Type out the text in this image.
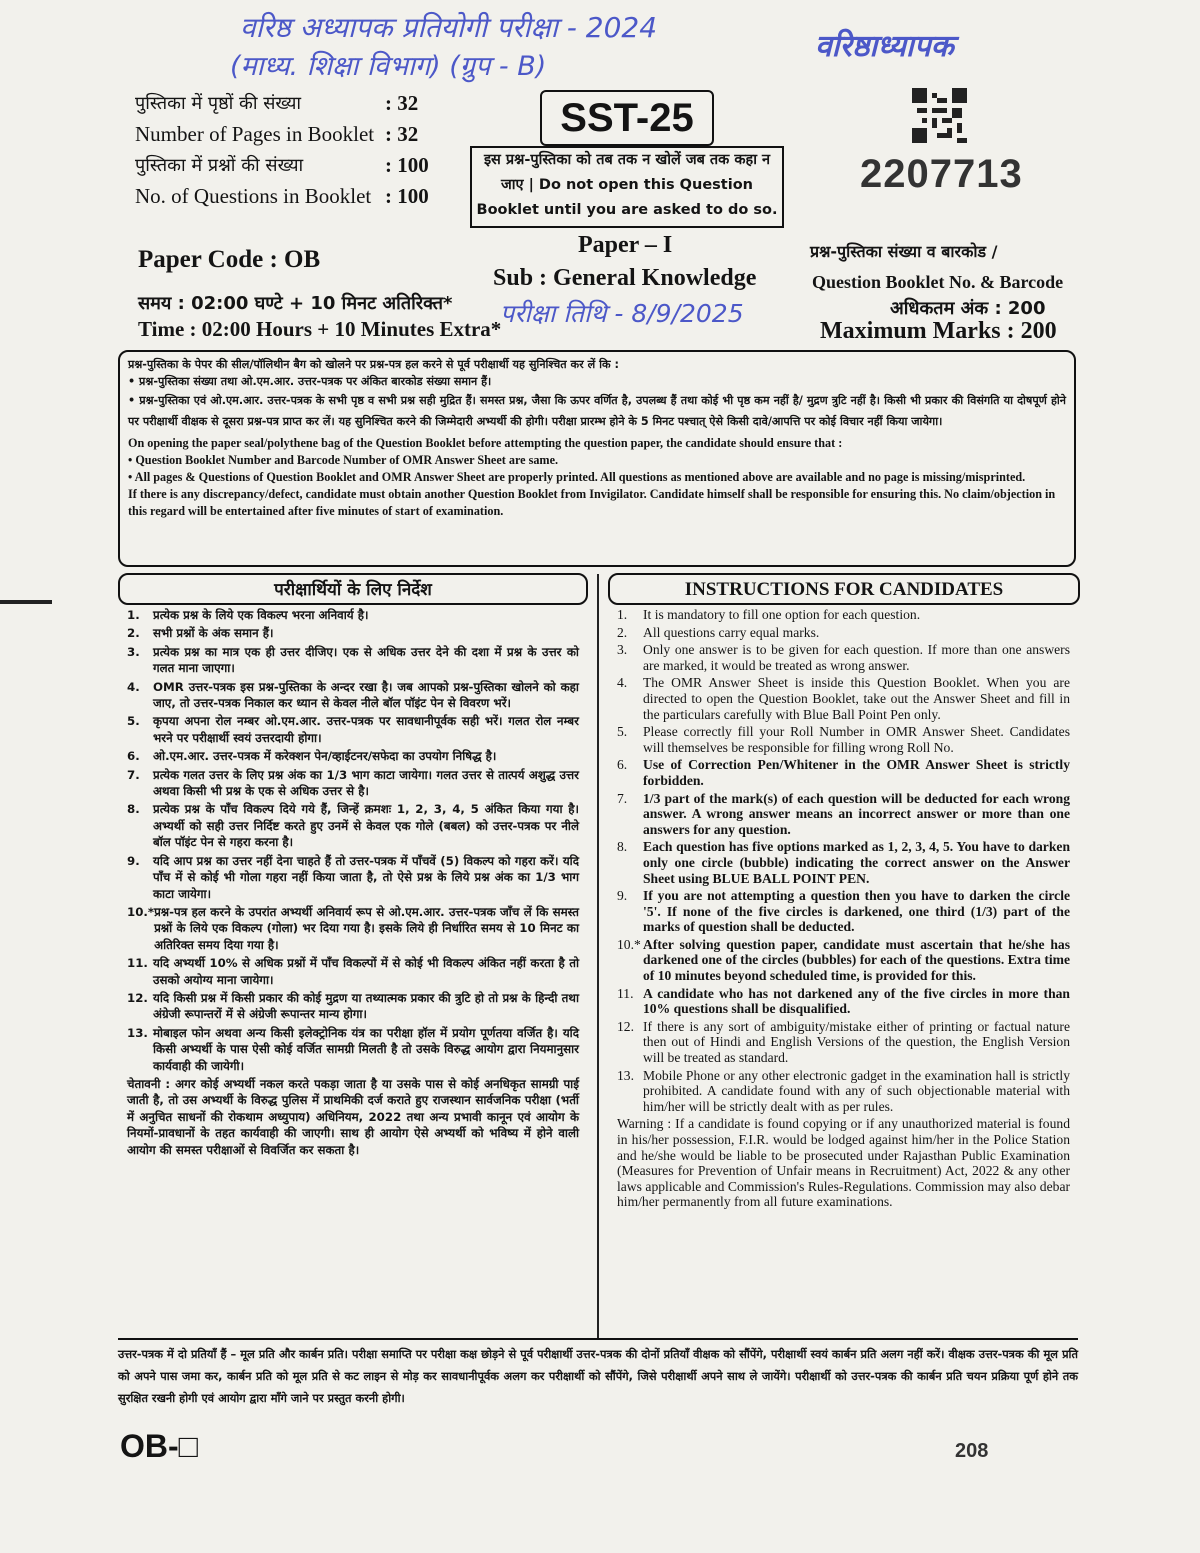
वरिष्ठ अध्यापक प्रतियोगी परीक्षा - 2024
(माध्य. शिक्षा विभाग) (ग्रुप - B)
वरिष्ठाध्यापक
परीक्षा तिथि - 8/9/2025
पुस्तिका में पृष्ठों की संख्या	: 32
Number of Pages in Booklet : 32
पुस्तिका में प्रश्नों की संख्या	: 100
No. of Questions in Booklet : 100
SST-25
इस प्रश्न-पुस्तिका को तब तक न खोलें जब तक कहा न जाए | Do not open this Question Booklet until you are asked to do so.
2207713
Paper Code : OB
समय : 02:00 घण्टे + 10 मिनट अतिरिक्त*
Time : 02:00 Hours + 10 Minutes Extra*
Paper – I
Sub : General Knowledge
प्रश्न-पुस्तिका संख्या व बारकोड /
Question Booklet No. & Barcode
अधिकतम अंक : 200
Maximum Marks : 200
प्रश्न-पुस्तिका के पेपर की सील/पॉलिथीन बैग को खोलने पर प्रश्न-पत्र हल करने से पूर्व परीक्षार्थी यह सुनिश्चित कर लें कि :
• प्रश्न-पुस्तिका संख्या तथा ओ.एम.आर. उत्तर-पत्रक पर अंकित बारकोड संख्या समान हैं।
• प्रश्न-पुस्तिका एवं ओ.एम.आर. उत्तर-पत्रक के सभी पृष्ठ व सभी प्रश्न सही मुद्रित हैं। समस्त प्रश्न, जैसा कि ऊपर वर्णित है, उपलब्ध हैं तथा कोई भी पृष्ठ कम नहीं है/ मुद्रण त्रुटि नहीं है। किसी भी प्रकार की विसंगति या दोषपूर्ण होने पर परीक्षार्थी वीक्षक से दूसरा प्रश्न-पत्र प्राप्त कर लें। यह सुनिश्चित करने की जिम्मेदारी अभ्यर्थी की होगी। परीक्षा प्रारम्भ होने के 5 मिनट पश्चात् ऐसे किसी दावे/आपत्ति पर कोई विचार नहीं किया जायेगा।
On opening the paper seal/polythene bag of the Question Booklet before attempting the question paper, the candidate should ensure that :
• Question Booklet Number and Barcode Number of OMR Answer Sheet are same.
• All pages & Questions of Question Booklet and OMR Answer Sheet are properly printed. All questions as mentioned above are available and no page is missing/misprinted.
If there is any discrepancy/defect, candidate must obtain another Question Booklet from Invigilator. Candidate himself shall be responsible for ensuring this. No claim/objection in this regard will be entertained after five minutes of start of examination.
परीक्षार्थियों के लिए निर्देश	INSTRUCTIONS FOR CANDIDATES
1.	प्रत्येक प्रश्न के लिये एक विकल्प भरना अनिवार्य है।
2.	सभी प्रश्नों के अंक समान हैं।
3.	प्रत्येक प्रश्न का मात्र एक ही उत्तर दीजिए। एक से अधिक उत्तर देने की दशा में प्रश्न के उत्तर को गलत माना जाएगा।
4.	OMR उत्तर-पत्रक इस प्रश्न-पुस्तिका के अन्दर रखा है। जब आपको प्रश्न-पुस्तिका खोलने को कहा जाए, तो उत्तर-पत्रक निकाल कर ध्यान से केवल नीले बॉल पॉइंट पेन से विवरण भरें।
5.	कृपया अपना रोल नम्बर ओ.एम.आर. उत्तर-पत्रक पर सावधानीपूर्वक सही भरें। गलत रोल नम्बर भरने पर परीक्षार्थी स्वयं उत्तरदायी होगा।
6.	ओ.एम.आर. उत्तर-पत्रक में करेक्शन पेन/व्हाईटनर/सफेदा का उपयोग निषिद्ध है।
7.	प्रत्येक गलत उत्तर के लिए प्रश्न अंक का 1/3 भाग काटा जायेगा। गलत उत्तर से तात्पर्य अशुद्ध उत्तर अथवा किसी भी प्रश्न के एक से अधिक उत्तर से है।
8.	प्रत्येक प्रश्न के पाँच विकल्प दिये गये हैं, जिन्हें क्रमशः 1, 2, 3, 4, 5 अंकित किया गया है। अभ्यर्थी को सही उत्तर निर्दिष्ट करते हुए उनमें से केवल एक गोले (बबल) को उत्तर-पत्रक पर नीले बॉल पॉइंट पेन से गहरा करना है।
9.	यदि आप प्रश्न का उत्तर नहीं देना चाहते हैं तो उत्तर-पत्रक में पाँचवें (5) विकल्प को गहरा करें। यदि पाँच में से कोई भी गोला गहरा नहीं किया जाता है, तो ऐसे प्रश्न के लिये प्रश्न अंक का 1/3 भाग काटा जायेगा।
10.* प्रश्न-पत्र हल करने के उपरांत अभ्यर्थी अनिवार्य रूप से ओ.एम.आर. उत्तर-पत्रक जाँच लें कि समस्त प्रश्नों के लिये एक विकल्प (गोला) भर दिया गया है। इसके लिये ही निर्धारित समय से 10 मिनट का अतिरिक्त समय दिया गया है।
11. यदि अभ्यर्थी 10% से अधिक प्रश्नों में पाँच विकल्पों में से कोई भी विकल्प अंकित नहीं करता है तो उसको अयोग्य माना जायेगा।
12. यदि किसी प्रश्न में किसी प्रकार की कोई मुद्रण या तथ्यात्मक प्रकार की त्रुटि हो तो प्रश्न के हिन्दी तथा अंग्रेजी रूपान्तरों में से अंग्रेजी रूपान्तर मान्य होगा।
13. मोबाइल फोन अथवा अन्य किसी इलेक्ट्रोनिक यंत्र का परीक्षा हॉल में प्रयोग पूर्णतया वर्जित है। यदि किसी अभ्यर्थी के पास ऐसी कोई वर्जित सामग्री मिलती है तो उसके विरुद्ध आयोग द्वारा नियमानुसार कार्यवाही की जायेगी।
चेतावनी : अगर कोई अभ्यर्थी नकल करते पकड़ा जाता है या उसके पास से कोई अनधिकृत सामग्री पाई जाती है, तो उस अभ्यर्थी के विरुद्ध पुलिस में प्राथमिकी दर्ज कराते हुए राजस्थान सार्वजनिक परीक्षा (भर्ती में अनुचित साधनों की रोकथाम अध्युपाय) अधिनियम, 2022 तथा अन्य प्रभावी कानून एवं आयोग के नियमों-प्रावधानों के तहत कार्यवाही की जाएगी। साथ ही आयोग ऐसे अभ्यर्थी को भविष्य में होने वाली आयोग की समस्त परीक्षाओं से विवर्जित कर सकता है।
1.	It is mandatory to fill one option for each question.
2.	All questions carry equal marks.
3.	Only one answer is to be given for each question. If more than one answers are marked, it would be treated as wrong answer.
4.	The OMR Answer Sheet is inside this Question Booklet. When you are directed to open the Question Booklet, take out the Answer Sheet and fill in the particulars carefully with Blue Ball Point Pen only.
5.	Please correctly fill your Roll Number in OMR Answer Sheet. Candidates will themselves be responsible for filling wrong Roll No.
6.	Use of Correction Pen/Whitener in the OMR Answer Sheet is strictly forbidden.
7.	1/3 part of the mark(s) of each question will be deducted for each wrong answer. A wrong answer means an incorrect answer or more than one answers for any question.
8.	Each question has five options marked as 1, 2, 3, 4, 5. You have to darken only one circle (bubble) indicating the correct answer on the Answer Sheet using BLUE BALL POINT PEN.
9.	If you are not attempting a question then you have to darken the circle '5'. If none of the five circles is darkened, one third (1/3) part of the marks of question shall be deducted.
10.* After solving question paper, candidate must ascertain that he/she has darkened one of the circles (bubbles) for each of the questions. Extra time of 10 minutes beyond scheduled time, is provided for this.
11. A candidate who has not darkened any of the five circles in more than 10% questions shall be disqualified.
12. If there is any sort of ambiguity/mistake either of printing or factual nature then out of Hindi and English Versions of the question, the English Version will be treated as standard.
13. Mobile Phone or any other electronic gadget in the examination hall is strictly prohibited. A candidate found with any of such objectionable material with him/her will be strictly dealt with as per rules.
Warning : If a candidate is found copying or if any unauthorized material is found in his/her possession, F.I.R. would be lodged against him/her in the Police Station and he/she would be liable to be prosecuted under Rajasthan Public Examination (Measures for Prevention of Unfair means in Recruitment) Act, 2022 & any other laws applicable and Commission's Rules-Regulations. Commission may also debar him/her permanently from all future examinations.
उत्तर-पत्रक में दो प्रतियाँ हैं – मूल प्रति और कार्बन प्रति। परीक्षा समाप्ति पर परीक्षा कक्ष छोड़ने से पूर्व परीक्षार्थी उत्तर-पत्रक की दोनों प्रतियाँ वीक्षक को सौंपेंगे, परीक्षार्थी स्वयं कार्बन प्रति अलग नहीं करें। वीक्षक उत्तर-पत्रक की मूल प्रति को अपने पास जमा कर, कार्बन प्रति को मूल प्रति से कट लाइन से मोड़ कर सावधानीपूर्वक अलग कर परीक्षार्थी को सौंपेंगे, जिसे परीक्षार्थी अपने साथ ले जायेंगे। परीक्षार्थी को उत्तर-पत्रक की कार्बन प्रति चयन प्रक्रिया पूर्ण होने तक सुरक्षित रखनी होगी एवं आयोग द्वारा माँगे जाने पर प्रस्तुत करनी होगी।
OB-□	208
